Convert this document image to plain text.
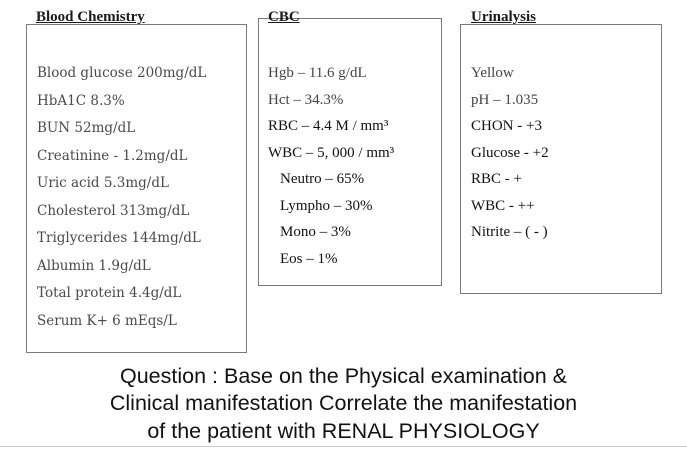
Blood Chemistry
Blood glucose 200mg/dL
HbA1C 8.3%
BUN 52mg/dL
Creatinine - 1.2mg/dL
Uric acid 5.3mg/dL
Cholesterol 313mg/dL
Triglycerides 144mg/dL
Albumin 1.9g/dL
Total protein 4.4g/dL
Serum K+ 6 mEqs/L
CBC
Hgb – 11.6 g/dL
Hct – 34.3%
RBC – 4.4 M / mm³
WBC – 5, 000 / mm³
Neutro – 65%
Lympho – 30%
Mono – 3%
Eos – 1%
Urinalysis
Yellow
pH – 1.035
CHON - +3
Glucose - +2
RBC - +
WBC - ++
Nitrite – ( - )
Question : Base on the Physical examination &
Clinical manifestation Correlate the manifestation
of the patient with RENAL PHYSIOLOGY
